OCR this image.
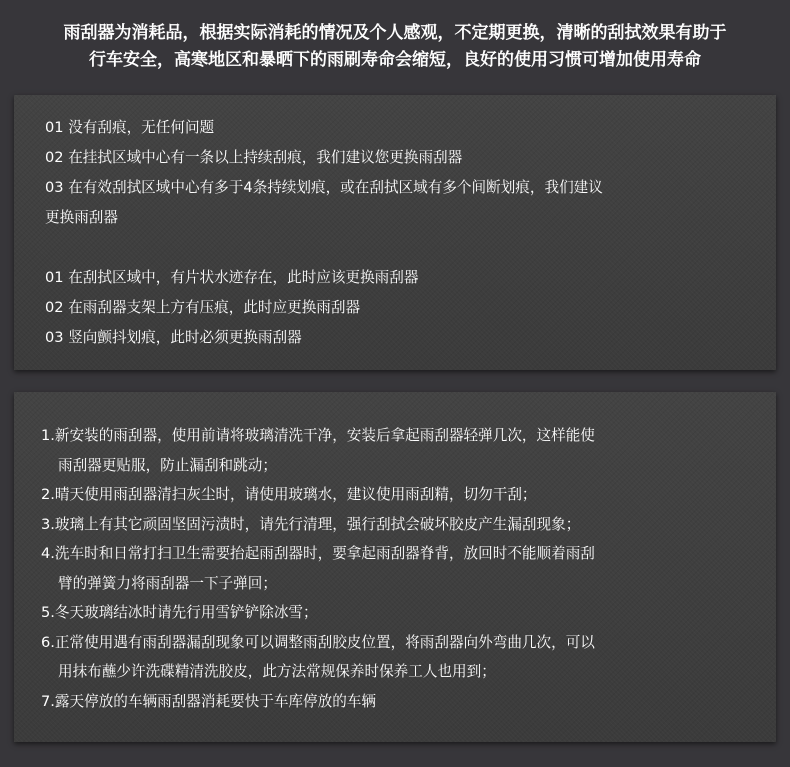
雨刮器为消耗品，根据实际消耗的情况及个人感观，不定期更换，清晰的刮拭效果有助于
行车安全，高寒地区和暴晒下的雨刷寿命会缩短，良好的使用习惯可增加使用寿命
01 没有刮痕，无任何问题
02 在挂拭区域中心有一条以上持续刮痕，我们建议您更换雨刮器
03 在有效刮拭区域中心有多于4条持续划痕，或在刮拭区域有多个间断划痕，我们建议
更换雨刮器
01 在刮拭区域中，有片状水迹存在，此时应该更换雨刮器
02 在雨刮器支架上方有压痕，此时应更换雨刮器
03 竖向颤抖划痕，此时必须更换雨刮器
1.新安装的雨刮器，使用前请将玻璃清洗干净，安装后拿起雨刮器轻弹几次，这样能使
雨刮器更贴服，防止漏刮和跳动；
2.晴天使用雨刮器清扫灰尘时，请使用玻璃水，建议使用雨刮精，切勿干刮；
3.玻璃上有其它顽固坚固污渍时，请先行清理，强行刮拭会破坏胶皮产生漏刮现象；
4.洗车时和日常打扫卫生需要抬起雨刮器时，要拿起雨刮器脊背，放回时不能顺着雨刮
臂的弹簧力将雨刮器一下子弹回；
5.冬天玻璃结冰时请先行用雪铲铲除冰雪；
6.正常使用遇有雨刮器漏刮现象可以调整雨刮胶皮位置，将雨刮器向外弯曲几次，可以
用抹布蘸少许洗碟精清洗胶皮，此方法常规保养时保养工人也用到；
7.露天停放的车辆雨刮器消耗要快于车库停放的车辆
